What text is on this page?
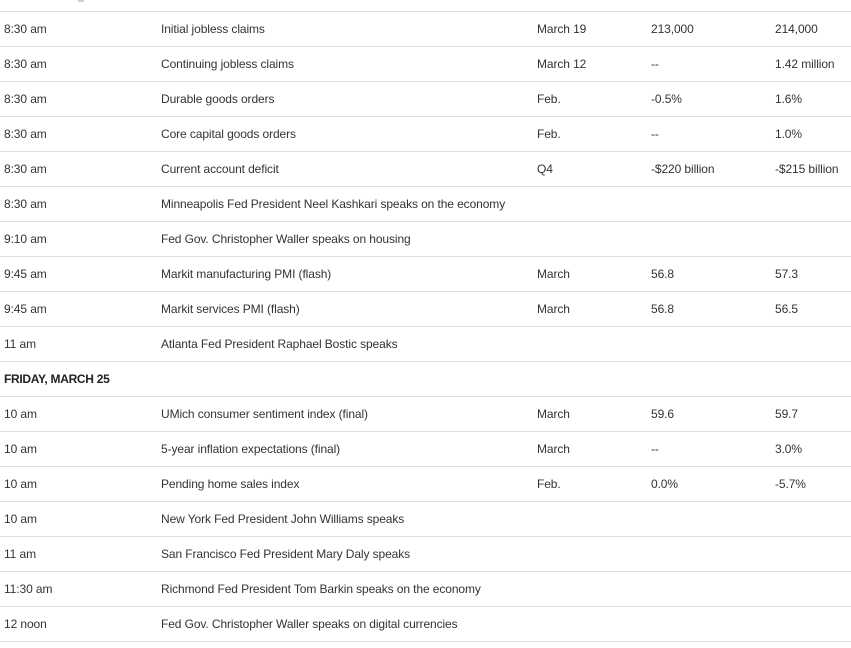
8:30 am	Initial jobless claims	March 19	213,000	214,000
8:30 am	Continuing jobless claims	March 12	--	1.42 million
8:30 am	Durable goods orders	Feb.	-0.5%	1.6%
8:30 am	Core capital goods orders	Feb.	--	1.0%
8:30 am	Current account deficit	Q4	-$220 billion	-$215 billion
8:30 am	Minneapolis Fed President Neel Kashkari speaks on the economy
9:10 am	Fed Gov. Christopher Waller speaks on housing
9:45 am	Markit manufacturing PMI (flash)	March	56.8	57.3
9:45 am	Markit services PMI (flash)	March	56.8	56.5
11 am	Atlanta Fed President Raphael Bostic speaks
FRIDAY, MARCH 25
10 am	UMich consumer sentiment index (final)	March	59.6	59.7
10 am	5-year inflation expectations (final)	March	--	3.0%
10 am	Pending home sales index	Feb.	0.0%	-5.7%
10 am	New York Fed President John Williams speaks
11 am	San Francisco Fed President Mary Daly speaks
11:30 am	Richmond Fed President Tom Barkin speaks on the economy
12 noon	Fed Gov. Christopher Waller speaks on digital currencies
